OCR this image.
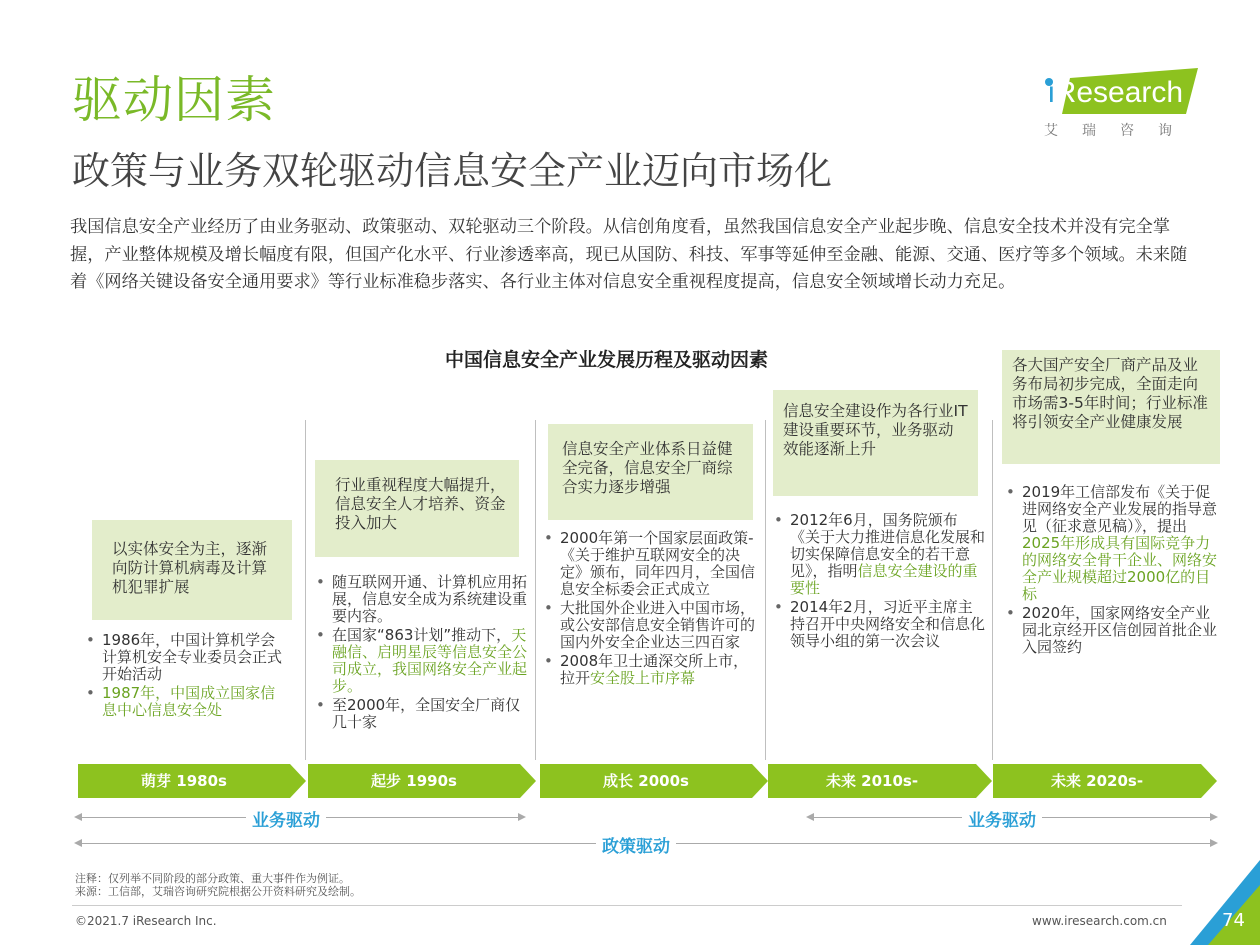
驱动因素
政策与业务双轮驱动信息安全产业迈向市场化
iResearch
艾瑞咨询
我国信息安全产业经历了由业务驱动、政策驱动、双轮驱动三个阶段。从信创角度看，虽然我国信息安全产业起步晚、信息安全技术并没有完全掌握，产业整体规模及增长幅度有限，但国产化水平、行业渗透率高，现已从国防、科技、军事等延伸至金融、能源、交通、医疗等多个领域。未来随着《网络关键设备安全通用要求》等行业标准稳步落实、各行业主体对信息安全重视程度提高，信息安全领域增长动力充足。
中国信息安全产业发展历程及驱动因素
以实体安全为主，逐渐向防计算机病毒及计算机犯罪扩展
• 1986年，中国计算机学会计算机安全专业委员会正式开始活动
• 1987年，中国成立国家信息中心信息安全处
行业重视程度大幅提升，信息安全人才培养、资金投入加大
• 随互联网开通、计算机应用拓展，信息安全成为系统建设重要内容。
• 在国家“863计划”推动下，天融信、启明星辰等信息安全公司成立，我国网络安全产业起步。
• 至2000年，全国安全厂商仅几十家
信息安全产业体系日益健全完备，信息安全厂商综合实力逐步增强
• 2000年第一个国家层面政策-《关于维护互联网安全的决定》颁布，同年四月，全国信息安全标委会正式成立
• 大批国外企业进入中国市场，或公安部信息安全销售许可的国内外安全企业达三四百家
• 2008年卫士通深交所上市，拉开安全股上市序幕
信息安全建设作为各行业IT建设重要环节，业务驱动效能逐渐上升
• 2012年6月，国务院颁布《关于大力推进信息化发展和切实保障信息安全的若干意见》，指明信息安全建设的重要性
• 2014年2月，习近平主席主持召开中央网络安全和信息化领导小组的第一次会议
各大国产安全厂商产品及业务布局初步完成，全面走向市场需3-5年时间；行业标准将引领安全产业健康发展
• 2019年工信部发布《关于促进网络安全产业发展的指导意见（征求意见稿）》，提出2025年形成具有国际竞争力的网络安全骨干企业、网络安全产业规模超过2000亿的目标
• 2020年，国家网络安全产业园北京经开区信创园首批企业入园签约
萌芽 1980s	起步 1990s	成长 2000s	未来 2010s-	未来 2020s-
业务驱动	业务驱动
政策驱动
注释：仅列举不同阶段的部分政策、重大事件作为例证。
来源：工信部，艾瑞咨询研究院根据公开资料研究及绘制。
©2021.7 iResearch Inc.	www.iresearch.com.cn	74
